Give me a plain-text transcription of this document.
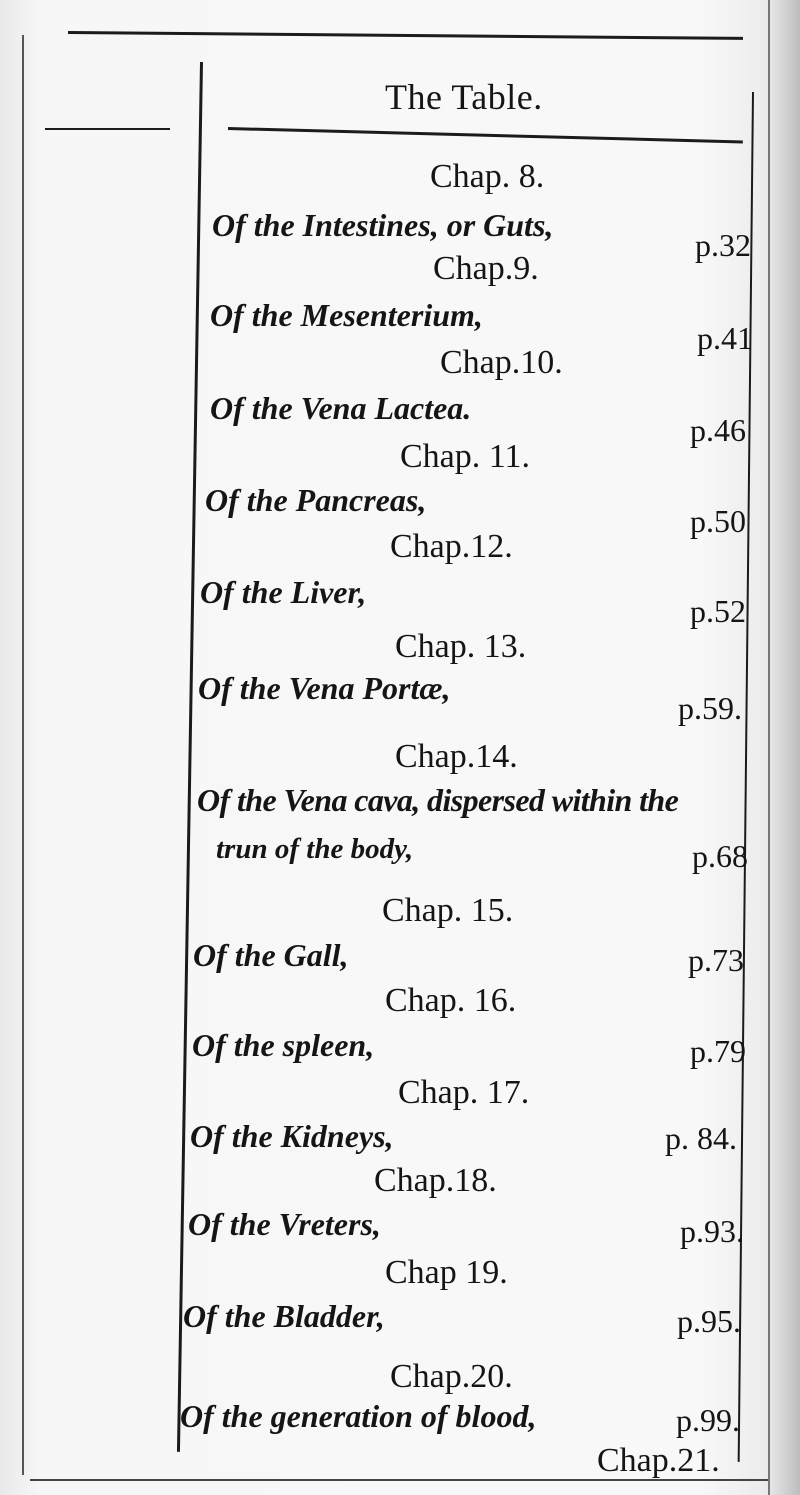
The Table.
Chap. 8.
Of the Intestines, or Guts,
p.32
Chap.9.
Of the Mesenterium,
p.41
Chap.10.
Of the Vena Lactea.
p.46
Chap. 11.
Of the Pancreas,
p.50
Chap.12.
Of the Liver,
p.52
Chap. 13.
Of the Vena Portæ,
p.59.
Chap.14.
Of the Vena cava, dispersed within the
trun of the body,	p.68
Chap. 15.
Of the Gall,	p.73
Chap. 16.
Of the spleen,	p.79
Chap. 17.
Of the Kidneys,	p. 84.
Chap.18.
Of the Vreters,	p.93.
Chap 19.
Of the Bladder,	p.95.
Chap.20.
Of the generation of blood,	p.99.
Chap.21.
